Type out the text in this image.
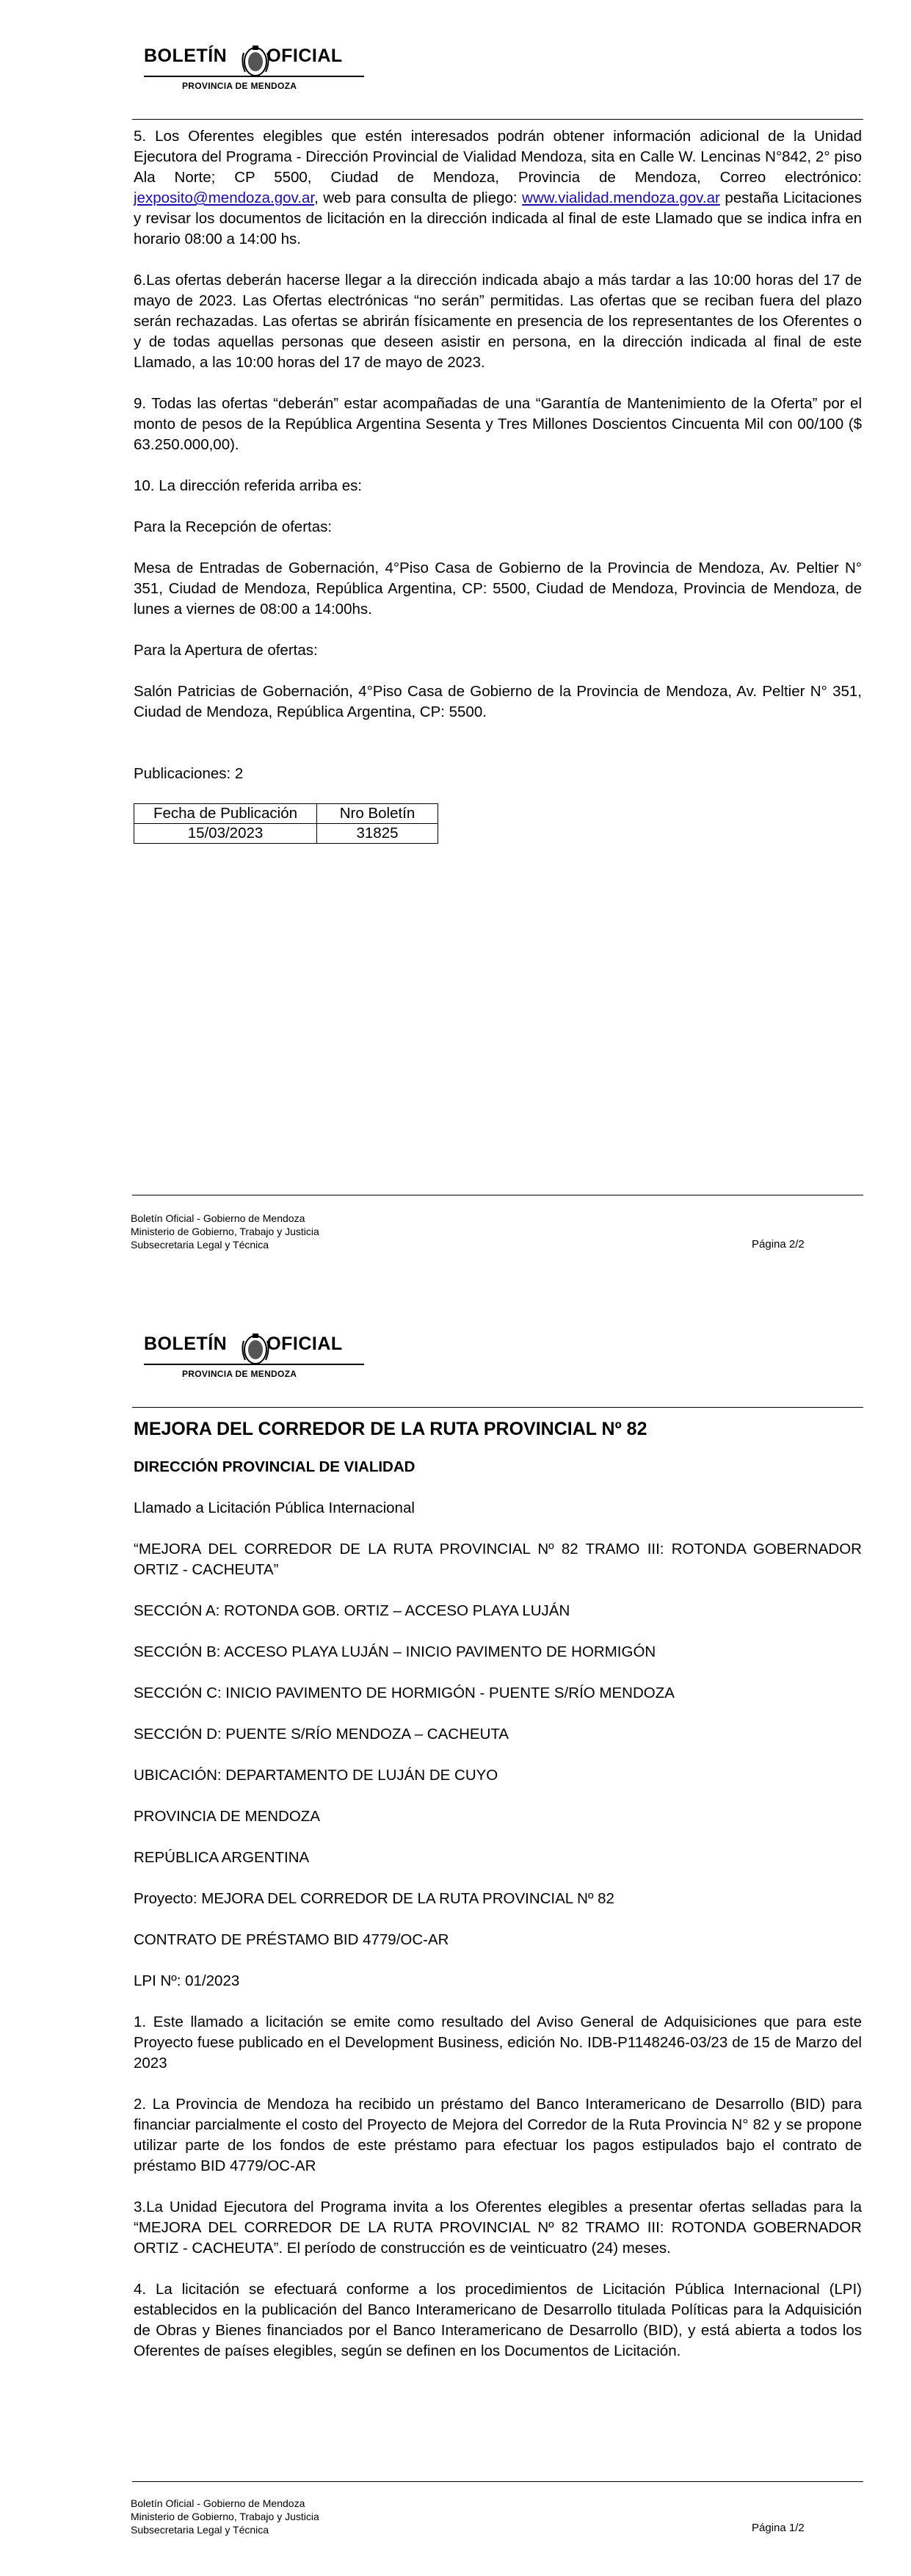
BOLETÍN OFICIAL
PROVINCIA DE MENDOZA

5. Los Oferentes elegibles que estén interesados podrán obtener información adicional de la Unidad Ejecutora del Programa - Dirección Provincial de Vialidad Mendoza, sita en Calle W. Lencinas N°842, 2° piso Ala Norte; CP 5500, Ciudad de Mendoza, Provincia de Mendoza, Correo electrónico: jexposito@mendoza.gov.ar, web para consulta de pliego: www.vialidad.mendoza.gov.ar pestaña Licitaciones y revisar los documentos de licitación en la dirección indicada al final de este Llamado que se indica infra en horario 08:00 a 14:00 hs.

6.Las ofertas deberán hacerse llegar a la dirección indicada abajo a más tardar a las 10:00 horas del 17 de mayo de 2023. Las Ofertas electrónicas “no serán” permitidas. Las ofertas que se reciban fuera del plazo serán rechazadas. Las ofertas se abrirán físicamente en presencia de los representantes de los Oferentes o y de todas aquellas personas que deseen asistir en persona, en la dirección indicada al final de este Llamado, a las 10:00 horas del 17 de mayo de 2023.

9. Todas las ofertas “deberán” estar acompañadas de una “Garantía de Mantenimiento de la Oferta” por el monto de pesos de la República Argentina Sesenta y Tres Millones Doscientos Cincuenta Mil con 00/100 ($ 63.250.000,00).

10. La dirección referida arriba es:

Para la Recepción de ofertas:

Mesa de Entradas de Gobernación, 4°Piso Casa de Gobierno de la Provincia de Mendoza, Av. Peltier N° 351, Ciudad de Mendoza, República Argentina, CP: 5500, Ciudad de Mendoza, Provincia de Mendoza, de lunes a viernes de 08:00 a 14:00hs.

Para la Apertura de ofertas:

Salón Patricias de Gobernación, 4°Piso Casa de Gobierno de la Provincia de Mendoza, Av. Peltier N° 351, Ciudad de Mendoza, República Argentina, CP: 5500.

Publicaciones: 2

Fecha de Publicación	Nro Boletín
15/03/2023	31825
Boletín Oficial - Gobierno de Mendoza
Ministerio de Gobierno, Trabajo y Justicia
Subsecretaria Legal y Técnica	Página 2/2
BOLETÍN OFICIAL
PROVINCIA DE MENDOZA

MEJORA DEL CORREDOR DE LA RUTA PROVINCIAL Nº 82

DIRECCIÓN PROVINCIAL DE VIALIDAD

Llamado a Licitación Pública Internacional

“MEJORA DEL CORREDOR DE LA RUTA PROVINCIAL Nº 82 TRAMO III: ROTONDA GOBERNADOR ORTIZ - CACHEUTA”

SECCIÓN A: ROTONDA GOB. ORTIZ – ACCESO PLAYA LUJÁN

SECCIÓN B: ACCESO PLAYA LUJÁN – INICIO PAVIMENTO DE HORMIGÓN

SECCIÓN C: INICIO PAVIMENTO DE HORMIGÓN - PUENTE S/RÍO MENDOZA

SECCIÓN D: PUENTE S/RÍO MENDOZA – CACHEUTA

UBICACIÓN: DEPARTAMENTO DE LUJÁN DE CUYO

PROVINCIA DE MENDOZA

REPÚBLICA ARGENTINA

Proyecto: MEJORA DEL CORREDOR DE LA RUTA PROVINCIAL Nº 82

CONTRATO DE PRÉSTAMO BID 4779/OC-AR

LPI Nº: 01/2023

1. Este llamado a licitación se emite como resultado del Aviso General de Adquisiciones que para este Proyecto fuese publicado en el Development Business, edición No. IDB-P1148246-03/23 de 15 de Marzo del 2023

2. La Provincia de Mendoza ha recibido un préstamo del Banco Interamericano de Desarrollo (BID) para financiar parcialmente el costo del Proyecto de Mejora del Corredor de la Ruta Provincia N° 82 y se propone utilizar parte de los fondos de este préstamo para efectuar los pagos estipulados bajo el contrato de préstamo BID 4779/OC-AR

3.La Unidad Ejecutora del Programa invita a los Oferentes elegibles a presentar ofertas selladas para la “MEJORA DEL CORREDOR DE LA RUTA PROVINCIAL Nº 82 TRAMO III: ROTONDA GOBERNADOR ORTIZ - CACHEUTA”. El período de construcción es de veinticuatro (24) meses.

4. La licitación se efectuará conforme a los procedimientos de Licitación Pública Internacional (LPI) establecidos en la publicación del Banco Interamericano de Desarrollo titulada Políticas para la Adquisición de Obras y Bienes financiados por el Banco Interamericano de Desarrollo (BID), y está abierta a todos los Oferentes de países elegibles, según se definen en los Documentos de Licitación.

Boletín Oficial - Gobierno de Mendoza
Ministerio de Gobierno, Trabajo y Justicia
Subsecretaria Legal y Técnica	Página 1/2
